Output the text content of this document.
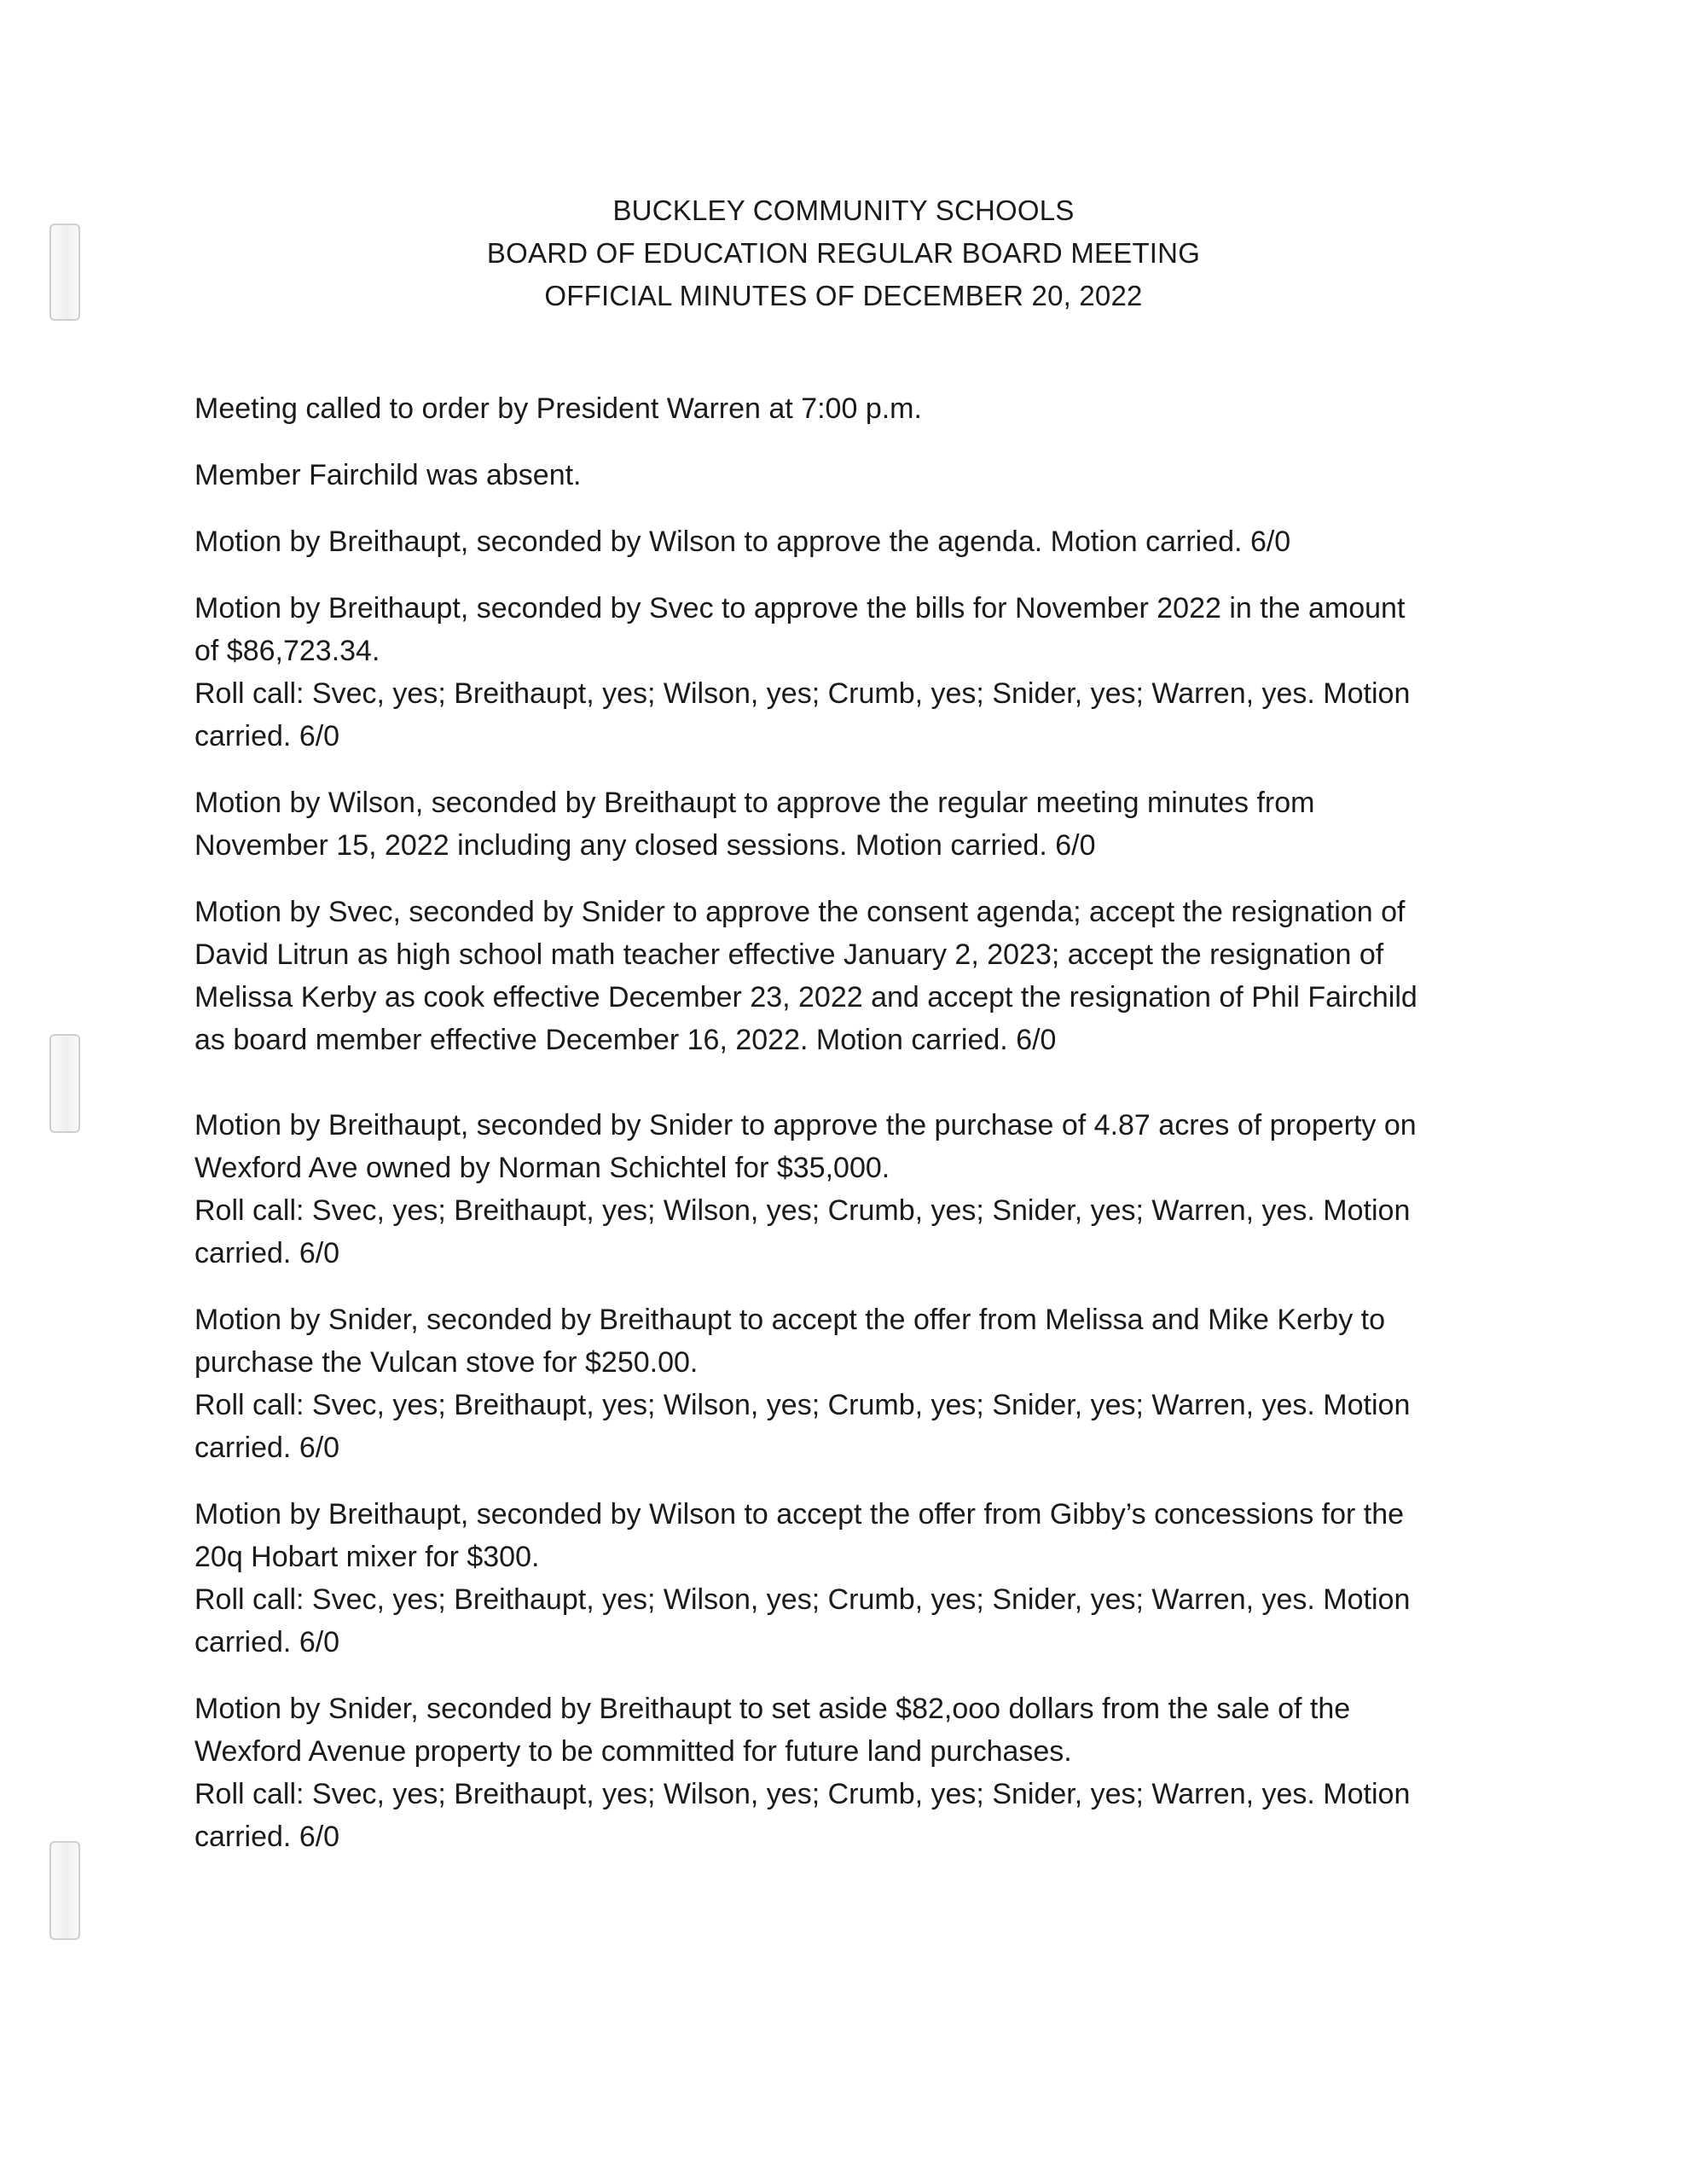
BUCKLEY COMMUNITY SCHOOLS
BOARD OF EDUCATION REGULAR BOARD MEETING
OFFICIAL MINUTES OF DECEMBER 20, 2022

Meeting called to order by President Warren at 7:00 p.m.

Member Fairchild was absent.

Motion by Breithaupt, seconded by Wilson to approve the agenda. Motion carried. 6/0

Motion by Breithaupt, seconded by Svec to approve the bills for November 2022 in the amount
of $86,723.34.
Roll call: Svec, yes; Breithaupt, yes; Wilson, yes; Crumb, yes; Snider, yes; Warren, yes. Motion
carried. 6/0

Motion by Wilson, seconded by Breithaupt to approve the regular meeting minutes from
November 15, 2022 including any closed sessions. Motion carried. 6/0

Motion by Svec, seconded by Snider to approve the consent agenda; accept the resignation of
David Litrun as high school math teacher effective January 2, 2023; accept the resignation of
Melissa Kerby as cook effective December 23, 2022 and accept the resignation of Phil Fairchild
as board member effective December 16, 2022. Motion carried. 6/0

Motion by Breithaupt, seconded by Snider to approve the purchase of 4.87 acres of property on
Wexford Ave owned by Norman Schichtel for $35,000.
Roll call: Svec, yes; Breithaupt, yes; Wilson, yes; Crumb, yes; Snider, yes; Warren, yes. Motion
carried. 6/0

Motion by Snider, seconded by Breithaupt to accept the offer from Melissa and Mike Kerby to
purchase the Vulcan stove for $250.00.
Roll call: Svec, yes; Breithaupt, yes; Wilson, yes; Crumb, yes; Snider, yes; Warren, yes. Motion
carried. 6/0

Motion by Breithaupt, seconded by Wilson to accept the offer from Gibby’s concessions for the
20q Hobart mixer for $300.
Roll call: Svec, yes; Breithaupt, yes; Wilson, yes; Crumb, yes; Snider, yes; Warren, yes. Motion
carried. 6/0

Motion by Snider, seconded by Breithaupt to set aside $82,ooo dollars from the sale of the
Wexford Avenue property to be committed for future land purchases.
Roll call: Svec, yes; Breithaupt, yes; Wilson, yes; Crumb, yes; Snider, yes; Warren, yes. Motion
carried. 6/0
